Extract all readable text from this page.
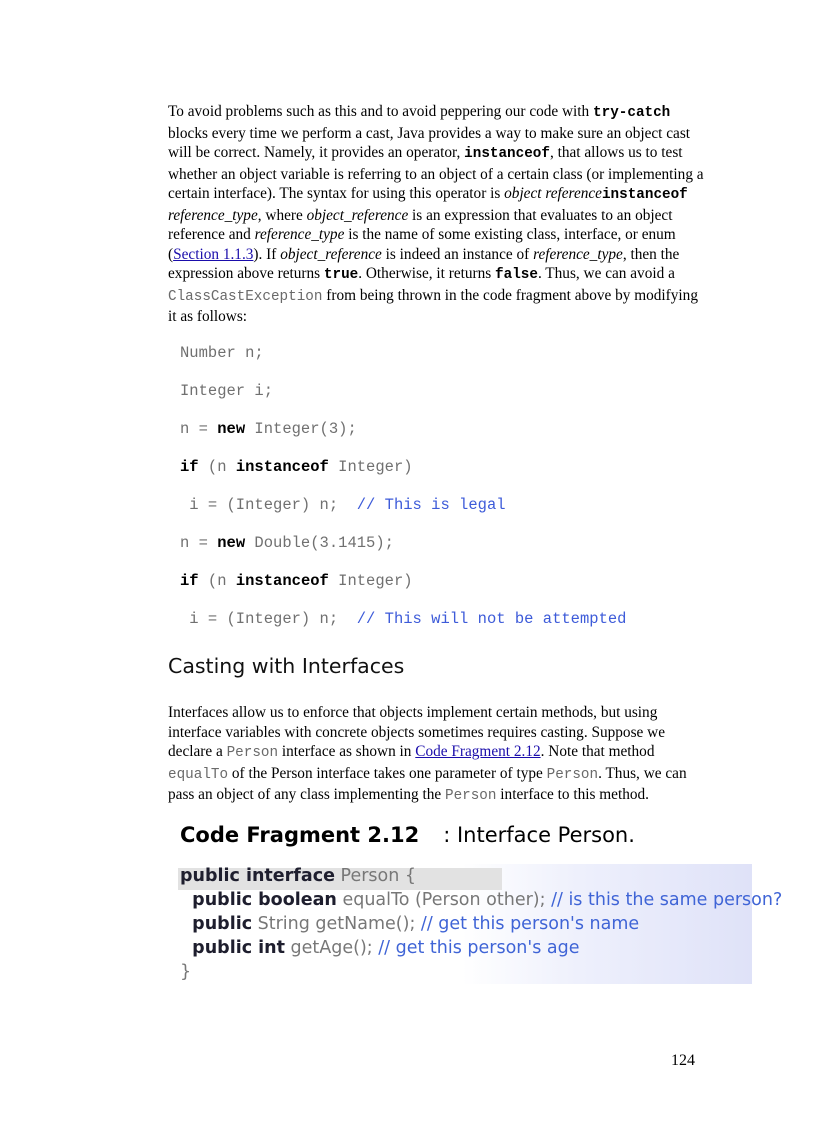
To avoid problems such as this and to avoid peppering our code with try-catch blocks every time we perform a cast, Java provides a way to make sure an object cast will be correct. Namely, it provides an operator, instanceof, that allows us to test whether an object variable is referring to an object of a certain class (or implementing a certain interface). The syntax for using this operator is object referenceinstanceof reference_type, where object_reference is an expression that evaluates to an object reference and reference_type is the name of some existing class, interface, or enum (Section 1.1.3). If object_reference is indeed an instance of reference_type, then the expression above returns true. Otherwise, it returns false. Thus, we can avoid a ClassCastException from being thrown in the code fragment above by modifying it as follows:

Number n;
Integer i;
n = new Integer(3);
if (n instanceof Integer)
i = (Integer) n;  // This is legal
n = new Double(3.1415);
if (n instanceof Integer)
i = (Integer) n;  // This will not be attempted
Casting with Interfaces

Interfaces allow us to enforce that objects implement certain methods, but using interface variables with concrete objects sometimes requires casting. Suppose we declare a Person interface as shown in Code Fragment 2.12. Note that method equalTo of the Person interface takes one parameter of type Person. Thus, we can pass an object of any class implementing the Person interface to this method.

Code Fragment 2.12 : Interface Person.
public interface Person {
public boolean equalTo (Person other); // is this the same person?
public String getName(); // get this person's name
public int getAge(); // get this person's age
}
124
